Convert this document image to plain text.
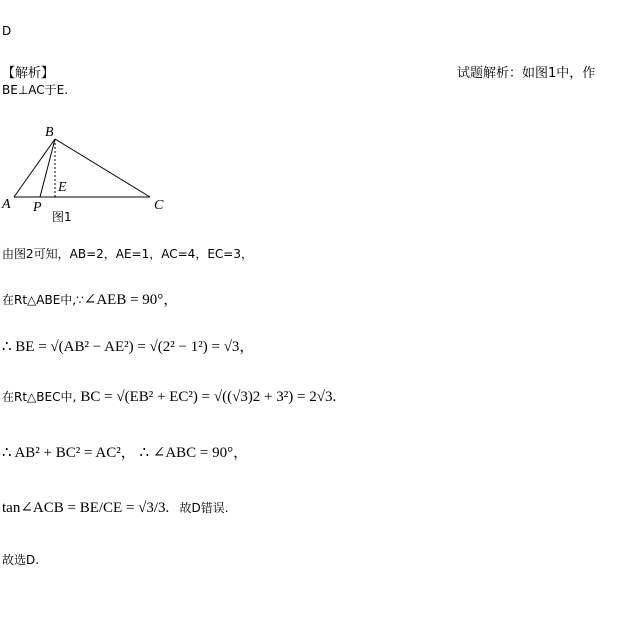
D
【解析】	试题解析：如图1中，作
BE⊥AC于E.
B
A	C
P
E
图1
由图2可知，AB=2，AE=1，AC=4，EC=3，
在Rt△ABE中,∵∠AEB = 90°，
∴ BE = √(AB² − AE²) = √(2² − 1²) = √3，
在Rt△BEC中, BC = √(EB² + EC²) = √((√3)2 + 3²) = 2√3.
∴ AB² + BC² = AC²， ∴ ∠ABC = 90°，
tan∠ACB = BE/CE = √3/3. 故D错误.
故选D.
